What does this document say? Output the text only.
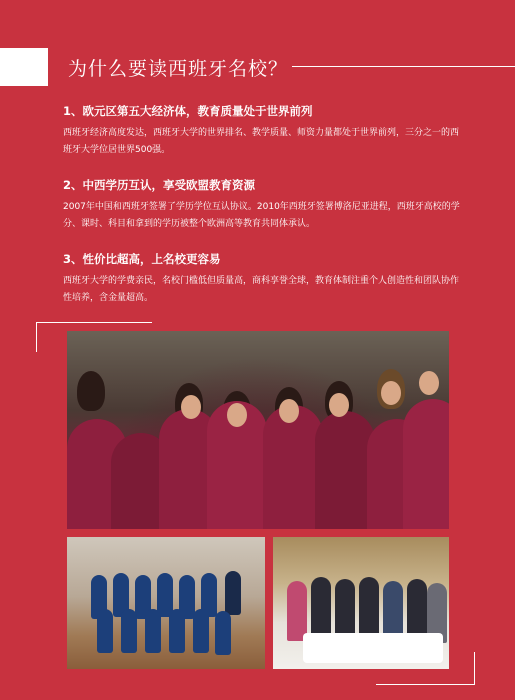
为什么要读西班牙名校？

1、欧元区第五大经济体，教育质量处于世界前列

西班牙经济高度发达，西班牙大学的世界排名、教学质量、师资力量都处于世界前列，三分之一的西班牙大学位居世界500强。

2、中西学历互认，享受欧盟教育资源

2007年中国和西班牙签署了学历学位互认协议。2010年西班牙签署博洛尼亚进程，西班牙高校的学分、课时、科目和拿到的学历被整个欧洲高等教育共同体承认。

3、性价比超高，上名校更容易

西班牙大学的学费亲民，名校门槛低但质量高，商科享誉全球，教育体制注重个人创造性和团队协作性培养，含金量超高。
